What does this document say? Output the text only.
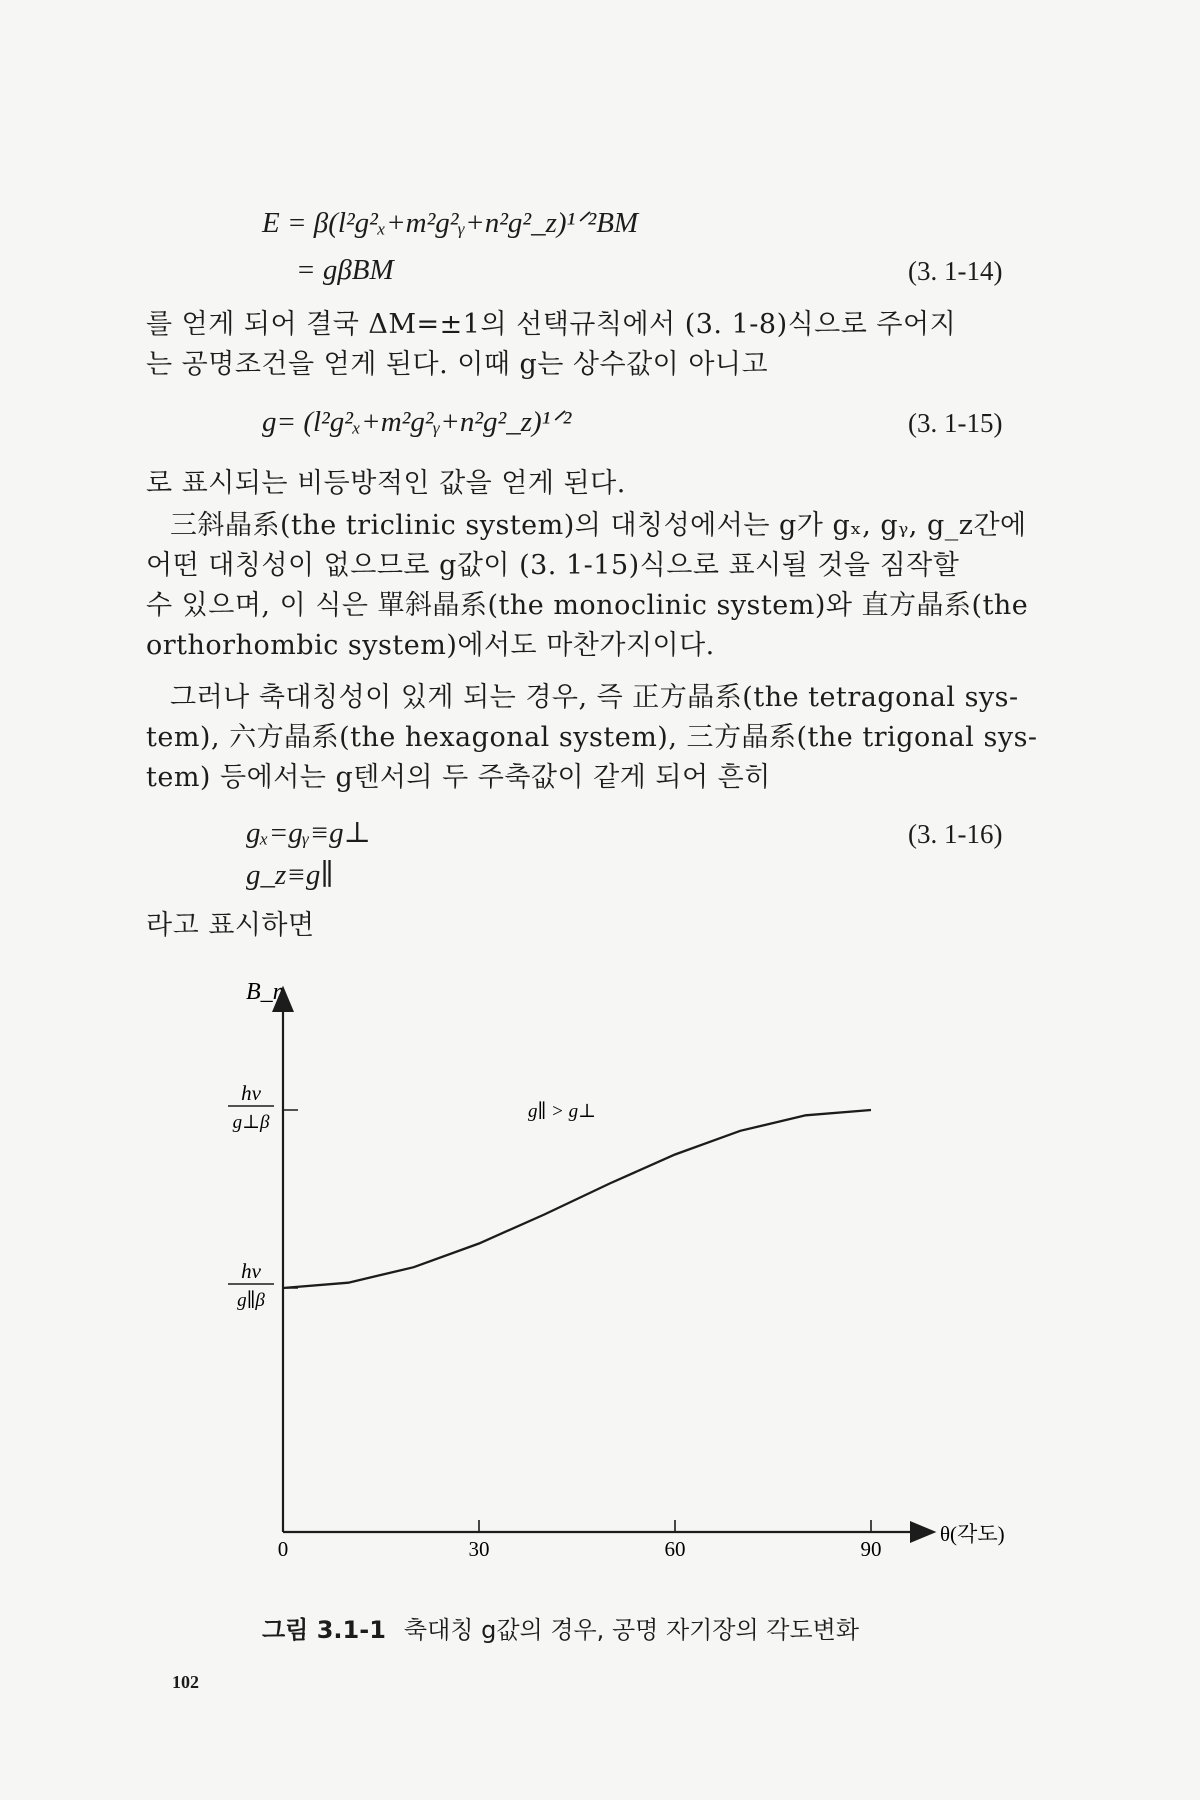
E = β(l²g²ₓ+m²g²ᵧ+n²g²_z)¹ᐟ²BM
= gβBM	(3. 1-14)
를 얻게 되어 결국 ΔM=±1의 선택규칙에서 (3. 1-8)식으로 주어지
는 공명조건을 얻게 된다. 이때 g는 상수값이 아니고
g= (l²g²ₓ+m²g²ᵧ+n²g²_z)¹ᐟ²	(3. 1-15)
로 표시되는 비등방적인 값을 얻게 된다.
三斜晶系(the triclinic system)의 대칭성에서는 g가 gₓ, gᵧ, g_z간에
어떤 대칭성이 없으므로 g값이 (3. 1-15)식으로 표시될 것을 짐작할
수 있으며, 이 식은 單斜晶系(the monoclinic system)와 直方晶系(the
orthorhombic system)에서도 마찬가지이다.
그러나 축대칭성이 있게 되는 경우, 즉 正方晶系(the tetragonal sys-
tem), 六方晶系(the hexagonal system), 三方晶系(the trigonal sys-
tem) 등에서는 g텐서의 두 주축값이 같게 되어 흔히
gₓ=gᵧ≡g⊥
g_z≡g∥
(3. 1-16)
라고 표시하면
B_r
θ(각도)
g∥ > g⊥
hν
g⊥β
hν
g∥β
0	30	60	90
그림 3.1-1 축대칭 g값의 경우, 공명 자기장의 각도변화
102
